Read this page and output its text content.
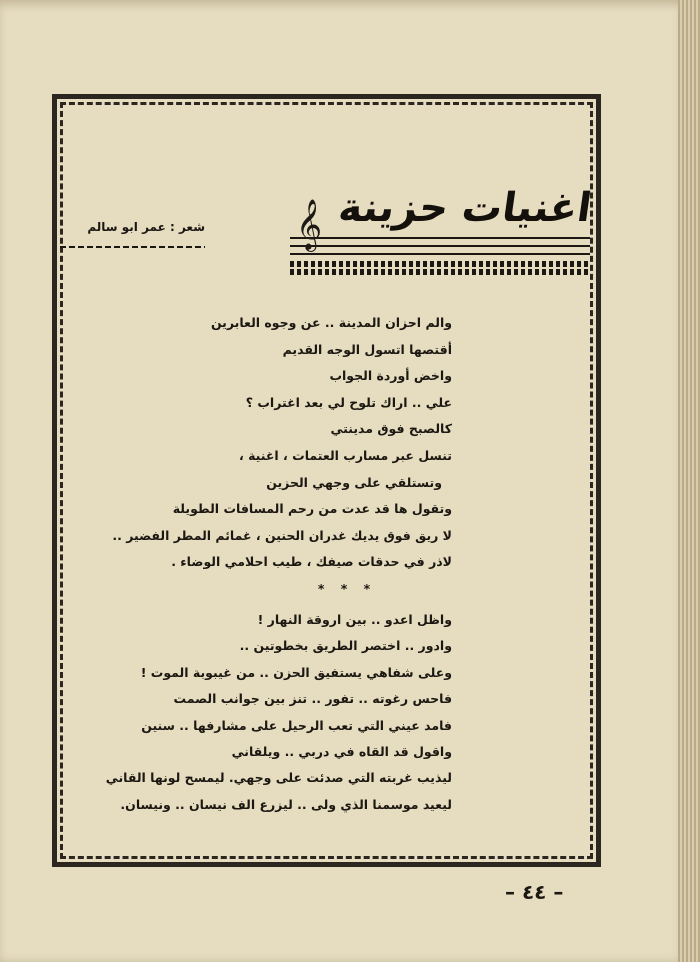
𝄞 اغنيات حزينة
شعر : عمر ابو سالم
والم احزان المدينة .. عن وجوه العابرين
أقتصها اتسول الوجه القديم
واخض أوردة الجواب
علي .. اراك تلوح لي بعد اغتراب ؟
كالصبح فوق مدينتي
تنسل عبر مسارب العتمات ، اغنية ،
وتستلقي على وجهي الحزين
وتقول ها قد عدت من رحم المسافات الطويلة
لا ريق فوق يديك غدران الحنين ، غمائم المطر الفضير ..
لاذر في حدقات صيفك ، طيب احلامي الوضاء .
* * *
واظل اعدو .. بين اروقة النهار !
وادور .. اختصر الطريق بخطوتين ..
وعلى شفاهي يستفيق الحزن .. من غيبوبة الموت !
فاحس رغوته .. تفور .. تنز بين جوانب الصمت
فامد عيني التي تعب الرحيل على مشارفها .. سنين
واقول قد القاه في دربي .. ويلقاني
ليذيب غربته التي صدئت على وجهي. ليمسح لونها القاني
ليعيد موسمنا الذي ولى .. ليزرع الف نيسان .. ونيسان.
– ٤٤ –
